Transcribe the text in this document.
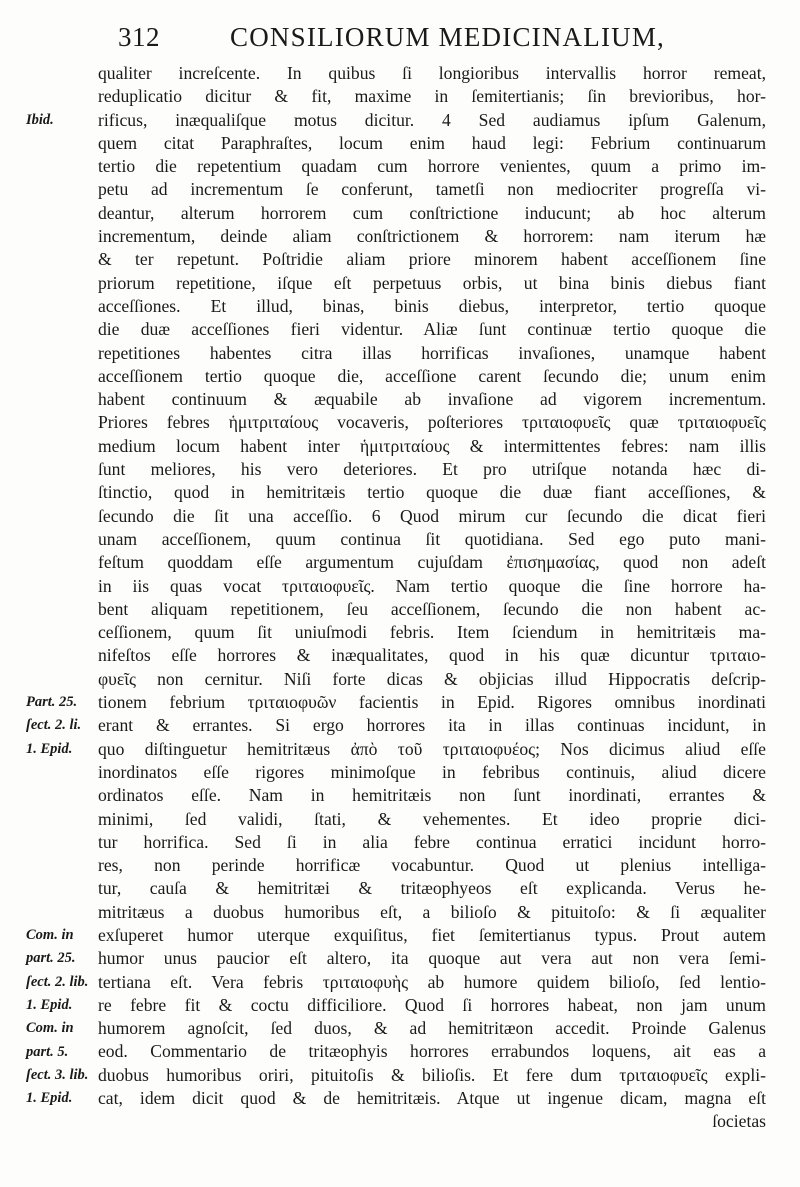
312	CONSILIORUM MEDICINALIUM,
Ibid.
Part. 25.
ſect. 2. li.
1. Epid.
Com. in
part. 25.
ſect. 2. lib.
1. Epid.
Com. in
part. 5.
ſect. 3. lib.
1. Epid.
qualiter increſcente. In quibus ſi longioribus intervallis horror remeat,
reduplicatio dicitur & fit, maxime in ſemitertianis; ſin brevioribus, hor-
rificus, inæqualiſque motus dicitur. 4 Sed audiamus ipſum Galenum,
quem citat Paraphraſtes, locum enim haud legi: Febrium continuarum
tertio die repetentium quadam cum horrore venientes, quum a primo im-
petu ad incrementum ſe conferunt, tametſi non mediocriter progreſſa vi-
deantur, alterum horrorem cum conſtrictione inducunt; ab hoc alterum
incrementum, deinde aliam conſtrictionem & horrorem: nam iterum hæ
& ter repetunt. Poſtridie aliam priore minorem habent acceſſionem ſine
priorum repetitione, iſque eſt perpetuus orbis, ut bina binis diebus fiant
acceſſiones. Et illud, binas, binis diebus, interpretor, tertio quoque
die duæ acceſſiones fieri videntur. Aliæ ſunt continuæ tertio quoque die
repetitiones habentes citra illas horrificas invaſiones, unamque habent
acceſſionem tertio quoque die, acceſſione carent ſecundo die; unum enim
habent continuum & æquabile ab invaſione ad vigorem incrementum.
Priores febres ἡμιτριταίους vocaveris, poſteriores τριταιοφυεῖς quæ τριταιοφυεῖς
medium locum habent inter ἡμιτριταίους & intermittentes febres: nam illis
ſunt meliores, his vero deteriores. Et pro utriſque notanda hæc di-
ſtinctio, quod in hemitritæis tertio quoque die duæ fiant acceſſiones, &
ſecundo die ſit una acceſſio. 6 Quod mirum cur ſecundo die dicat fieri
unam acceſſionem, quum continua ſit quotidiana. Sed ego puto mani-
feſtum quoddam eſſe argumentum cujuſdam ἐπισημασίας, quod non adeſt
in iis quas vocat τριταιοφυεῖς. Nam tertio quoque die ſine horrore ha-
bent aliquam repetitionem, ſeu acceſſionem, ſecundo die non habent ac-
ceſſionem, quum ſit uniuſmodi febris. Item ſciendum in hemitritæis ma-
nifeſtos eſſe horrores & inæqualitates, quod in his quæ dicuntur τριταιο-
φυεῖς non cernitur. Niſi forte dicas & objicias illud Hippocratis deſcrip-
tionem febrium τριταιοφυῶν facientis in Epid. Rigores omnibus inordinati
erant & errantes. Si ergo horrores ita in illas continuas incidunt, in
quo diſtinguetur hemitritæus ἀπὸ τοῦ τριταιοφυέος; Nos dicimus aliud eſſe
inordinatos eſſe rigores minimoſque in febribus continuis, aliud dicere
ordinatos eſſe. Nam in hemitritæis non ſunt inordinati, errantes &
minimi, ſed validi, ſtati, & vehementes. Et ideo proprie dici-
tur horrifica. Sed ſi in alia febre continua erratici incidunt horro-
res, non perinde horrificæ vocabuntur. Quod ut plenius intelliga-
tur, cauſa & hemitritæi & tritæophyeos eſt explicanda. Verus he-
mitritæus a duobus humoribus eſt, a bilioſo & pituitoſo: & ſi æqualiter
exſuperet humor uterque exquiſitus, fiet ſemitertianus typus. Prout autem
humor unus paucior eſt altero, ita quoque aut vera aut non vera ſemi-
tertiana eſt. Vera febris τριταιοφυὴς ab humore quidem bilioſo, ſed lentio-
re febre fit & coctu difficiliore. Quod ſi horrores habeat, non jam unum
humorem agnoſcit, ſed duos, & ad hemitritæon accedit. Proinde Galenus
eod. Commentario de tritæophyis horrores errabundos loquens, ait eas a
duobus humoribus oriri, pituitoſis & bilioſis. Et fere dum τριταιοφυεῖς expli-
cat, idem dicit quod & de hemitritæis. Atque ut ingenue dicam, magna eſt
ſocietas
